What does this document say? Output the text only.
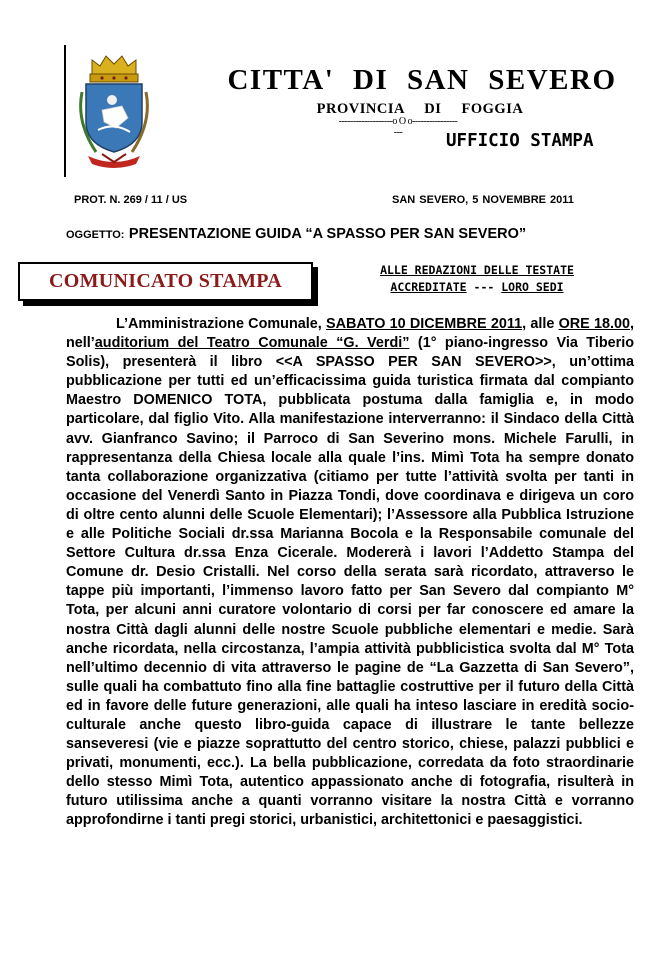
CITTA' DI SAN SEVERO
PROVINCIA DI FOGGIA
-------------------o O o-------------------	UFFICIO STAMPA
PROT. N. 269 / 11 / US	SAN SEVERO, 5 NOVEMBRE 2011
OGGETTO: PRESENTAZIONE GUIDA “A SPASSO PER SAN SEVERO”
COMUNICATO STAMPA	ALLE REDAZIONI DELLE TESTATE
ACCREDITATE --- LORO SEDI
L’Amministrazione Comunale, SABATO 10 DICEMBRE 2011, alle ORE 18.00, nell’auditorium del Teatro Comunale “G. Verdi” (1° piano-ingresso Via Tiberio Solis), presenterà il libro <<A SPASSO PER SAN SEVERO>>, un’ottima pubblicazione per tutti ed un’efficacissima guida turistica firmata dal compianto Maestro DOMENICO TOTA, pubblicata postuma dalla famiglia e, in modo particolare, dal figlio Vito. Alla manifestazione interverranno: il Sindaco della Città avv. Gianfranco Savino; il Parroco di San Severino mons. Michele Farulli, in rappresentanza della Chiesa locale alla quale l’ins. Mimì Tota ha sempre donato tanta collaborazione organizzativa (citiamo per tutte l’attività svolta per tanti in occasione del Venerdì Santo in Piazza Tondi, dove coordinava e dirigeva un coro di oltre cento alunni delle Scuole Elementari); l’Assessore alla Pubblica Istruzione e alle Politiche Sociali dr.ssa Marianna Bocola e la Responsabile comunale del Settore Cultura dr.ssa Enza Cicerale. Modererà i lavori l’Addetto Stampa del Comune dr. Desio Cristalli. Nel corso della serata sarà ricordato, attraverso le tappe più importanti, l’immenso lavoro fatto per San Severo dal compianto M° Tota, per alcuni anni curatore volontario di corsi per far conoscere ed amare la nostra Città dagli alunni delle nostre Scuole pubbliche elementari e medie. Sarà anche ricordata, nella circostanza, l’ampia attività pubblicistica svolta dal M° Tota nell’ultimo decennio di vita attraverso le pagine de “La Gazzetta di San Severo”, sulle quali ha combattuto fino alla fine battaglie costruttive per il futuro della Città ed in favore delle future generazioni, alle quali ha inteso lasciare in eredità socio-culturale anche questo libro-guida capace di illustrare le tante bellezze sanseveresi (vie e piazze soprattutto del centro storico, chiese, palazzi pubblici e privati, monumenti, ecc.). La bella pubblicazione, corredata da foto straordinarie dello stesso Mimì Tota, autentico appassionato anche di fotografia, risulterà in futuro utilissima anche a quanti vorranno visitare la nostra Città e vorranno approfondirne i tanti pregi storici, urbanistici, architettonici e paesaggistici.
